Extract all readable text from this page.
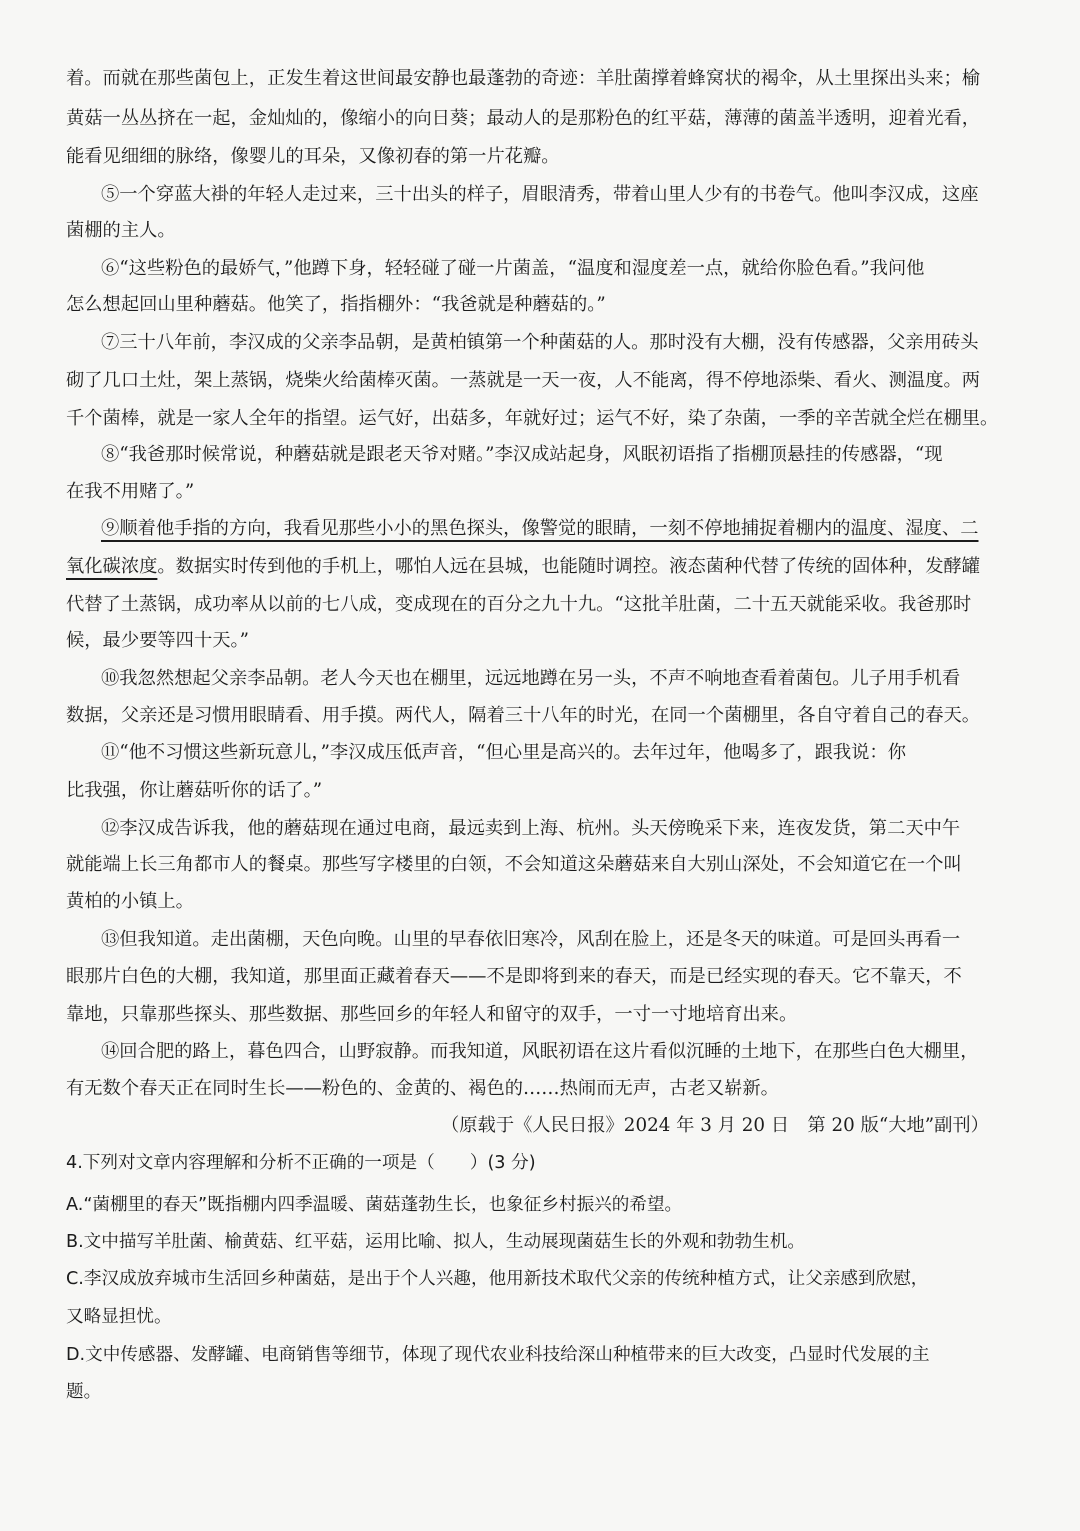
着。而就在那些菌包上，正发生着这世间最安静也最蓬勃的奇迹：羊肚菌撑着蜂窝状的褐伞，从土里探出头来；榆
黄菇一丛丛挤在一起，金灿灿的，像缩小的向日葵；最动人的是那粉色的红平菇，薄薄的菌盖半透明，迎着光看，
能看见细细的脉络，像婴儿的耳朵，又像初春的第一片花瓣。
⑤一个穿蓝大褂的年轻人走过来，三十出头的样子，眉眼清秀，带着山里人少有的书卷气。他叫李汉成，这座
菌棚的主人。
⑥“这些粉色的最娇气，”他蹲下身，轻轻碰了碰一片菌盖，“温度和湿度差一点，就给你脸色看。”我问他
怎么想起回山里种蘑菇。他笑了，指指棚外：“我爸就是种蘑菇的。”
⑦三十八年前，李汉成的父亲李品朝，是黄柏镇第一个种菌菇的人。那时没有大棚，没有传感器，父亲用砖头
砌了几口土灶，架上蒸锅，烧柴火给菌棒灭菌。一蒸就是一天一夜，人不能离，得不停地添柴、看火、测温度。两
千个菌棒，就是一家人全年的指望。运气好，出菇多，年就好过；运气不好，染了杂菌，一季的辛苦就全烂在棚里。
⑧“我爸那时候常说，种蘑菇就是跟老天爷对赌。”李汉成站起身，风眠初语指了指棚顶悬挂的传感器，“现
在我不用赌了。”
⑨顺着他手指的方向，我看见那些小小的黑色探头，像警觉的眼睛，一刻不停地捕捉着棚内的温度、湿度、二
氧化碳浓度。数据实时传到他的手机上，哪怕人远在县城，也能随时调控。液态菌种代替了传统的固体种，发酵罐
代替了土蒸锅，成功率从以前的七八成，变成现在的百分之九十九。“这批羊肚菌，二十五天就能采收。我爸那时
候，最少要等四十天。”
⑩我忽然想起父亲李品朝。老人今天也在棚里，远远地蹲在另一头，不声不响地查看着菌包。儿子用手机看
数据，父亲还是习惯用眼睛看、用手摸。两代人，隔着三十八年的时光，在同一个菌棚里，各自守着自己的春天。
⑪“他不习惯这些新玩意儿，”李汉成压低声音，“但心里是高兴的。去年过年，他喝多了，跟我说：你
比我强，你让蘑菇听你的话了。”
⑫李汉成告诉我，他的蘑菇现在通过电商，最远卖到上海、杭州。头天傍晚采下来，连夜发货，第二天中午
就能端上长三角都市人的餐桌。那些写字楼里的白领，不会知道这朵蘑菇来自大别山深处，不会知道它在一个叫
黄柏的小镇上。
⑬但我知道。走出菌棚，天色向晚。山里的早春依旧寒冷，风刮在脸上，还是冬天的味道。可是回头再看一
眼那片白色的大棚，我知道，那里面正藏着春天——不是即将到来的春天，而是已经实现的春天。它不靠天，不
靠地，只靠那些探头、那些数据、那些回乡的年轻人和留守的双手，一寸一寸地培育出来。
⑭回合肥的路上，暮色四合，山野寂静。而我知道，风眠初语在这片看似沉睡的土地下，在那些白色大棚里，
有无数个春天正在同时生长——粉色的、金黄的、褐色的……热闹而无声，古老又崭新。
（原载于《人民日报》2024 年 3 月 20 日　第 20 版“大地”副刊）
4.下列对文章内容理解和分析不正确的一项是（　　）(3 分)
A.“菌棚里的春天”既指棚内四季温暖、菌菇蓬勃生长，也象征乡村振兴的希望。
B.文中描写羊肚菌、榆黄菇、红平菇，运用比喻、拟人，生动展现菌菇生长的外观和勃勃生机。
C.李汉成放弃城市生活回乡种菌菇，是出于个人兴趣，他用新技术取代父亲的传统种植方式，让父亲感到欣慰，
又略显担忧。
D.文中传感器、发酵罐、电商销售等细节，体现了现代农业科技给深山种植带来的巨大改变，凸显时代发展的主
题。
